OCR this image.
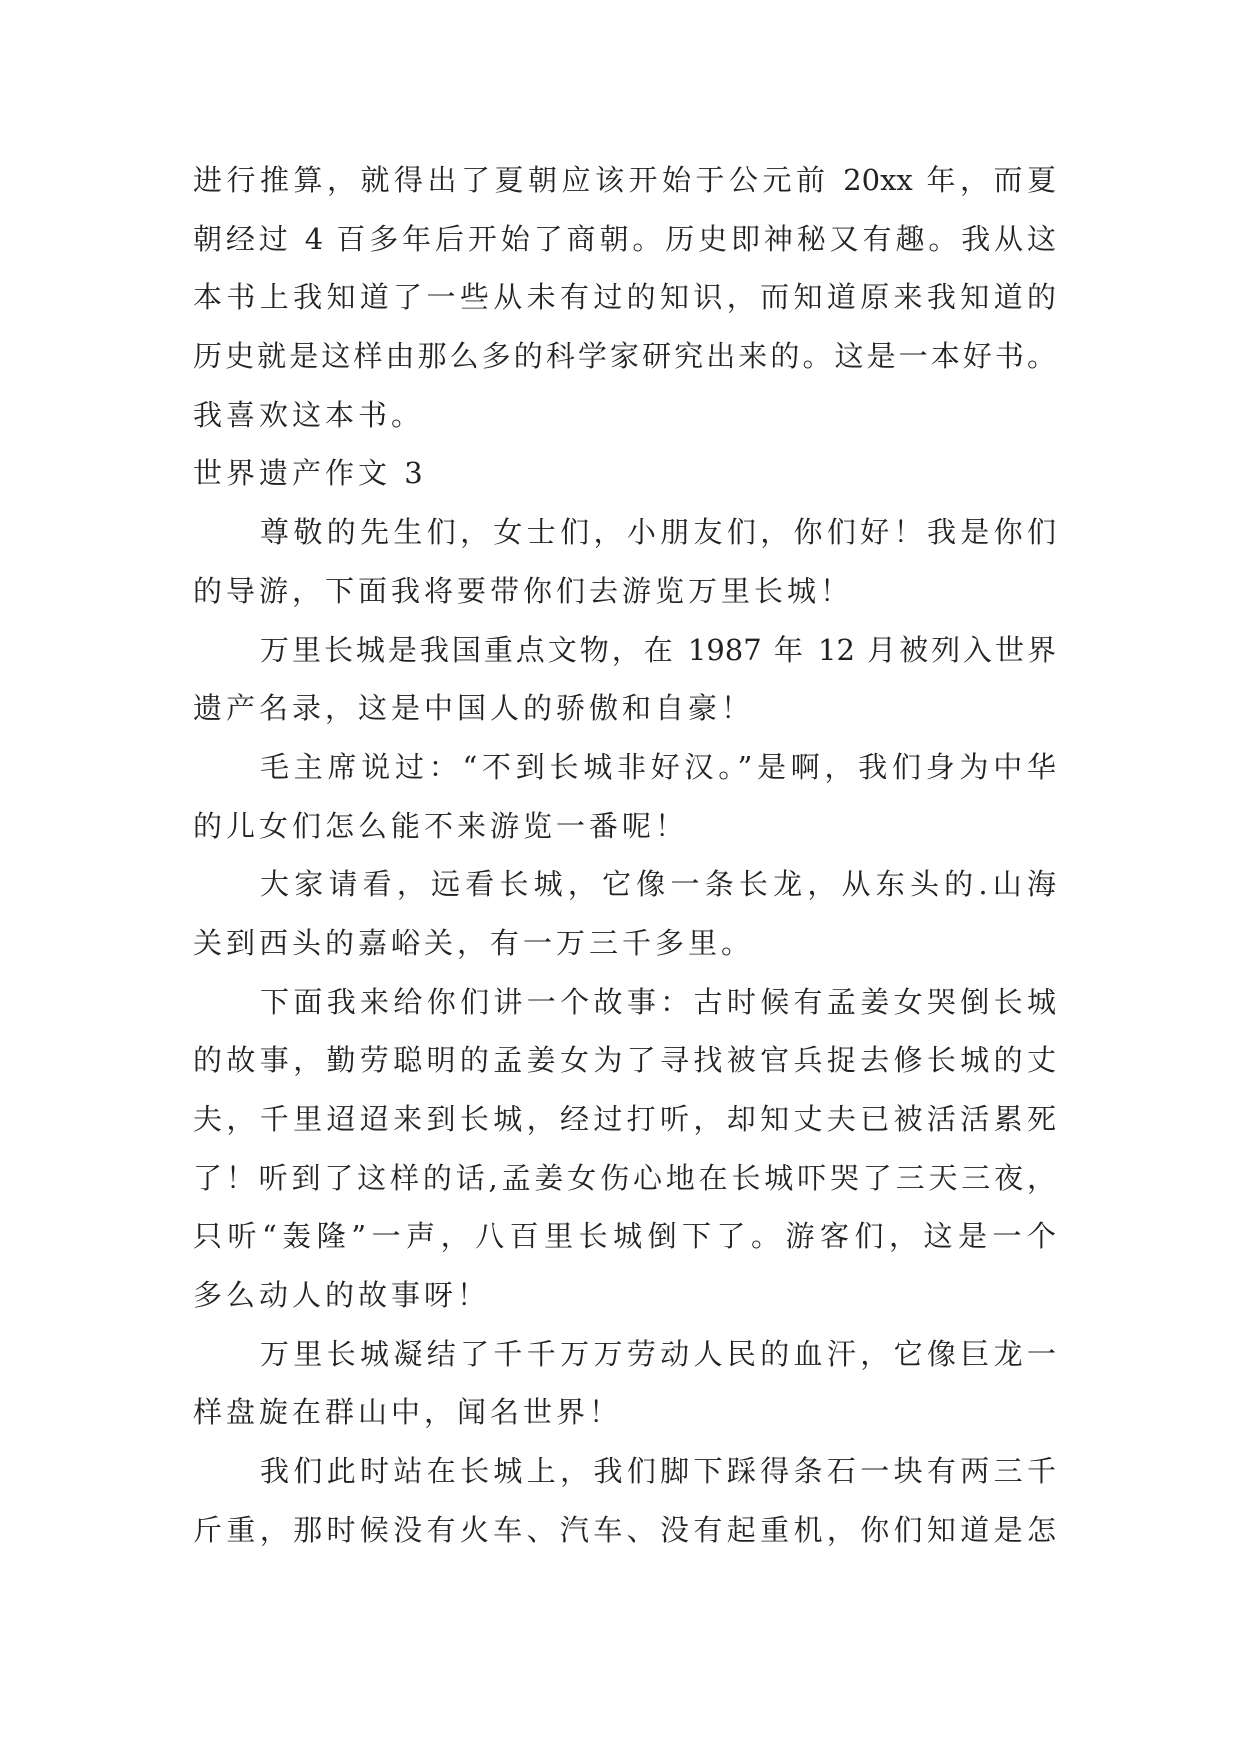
进行推算，就得出了夏朝应该开始于公元前 20xx 年，而夏
朝经过 4 百多年后开始了商朝。历史即神秘又有趣。我从这
本书上我知道了一些从未有过的知识，而知道原来我知道的
历史就是这样由那么多的科学家研究出来的。这是一本好书。
我喜欢这本书。
世界遗产作文 3
尊敬的先生们，女士们，小朋友们，你们好！我是你们
的导游，下面我将要带你们去游览万里长城！
万里长城是我国重点文物，在 1987 年 12 月被列入世界
遗产名录，这是中国人的骄傲和自豪！
毛主席说过：“不到长城非好汉。”是啊，我们身为中华
的儿女们怎么能不来游览一番呢！
大家请看，远看长城，它像一条长龙，从东头的.山海
关到西头的嘉峪关，有一万三千多里。
下面我来给你们讲一个故事：古时候有孟姜女哭倒长城
的故事，勤劳聪明的孟姜女为了寻找被官兵捉去修长城的丈
夫，千里迢迢来到长城，经过打听，却知丈夫已被活活累死
了！听到了这样的话,孟姜女伤心地在长城吓哭了三天三夜，
只听“轰隆”一声，八百里长城倒下了。游客们，这是一个
多么动人的故事呀！
万里长城凝结了千千万万劳动人民的血汗，它像巨龙一
样盘旋在群山中，闻名世界！
我们此时站在长城上，我们脚下踩得条石一块有两三千
斤重，那时候没有火车、汽车、没有起重机，你们知道是怎
